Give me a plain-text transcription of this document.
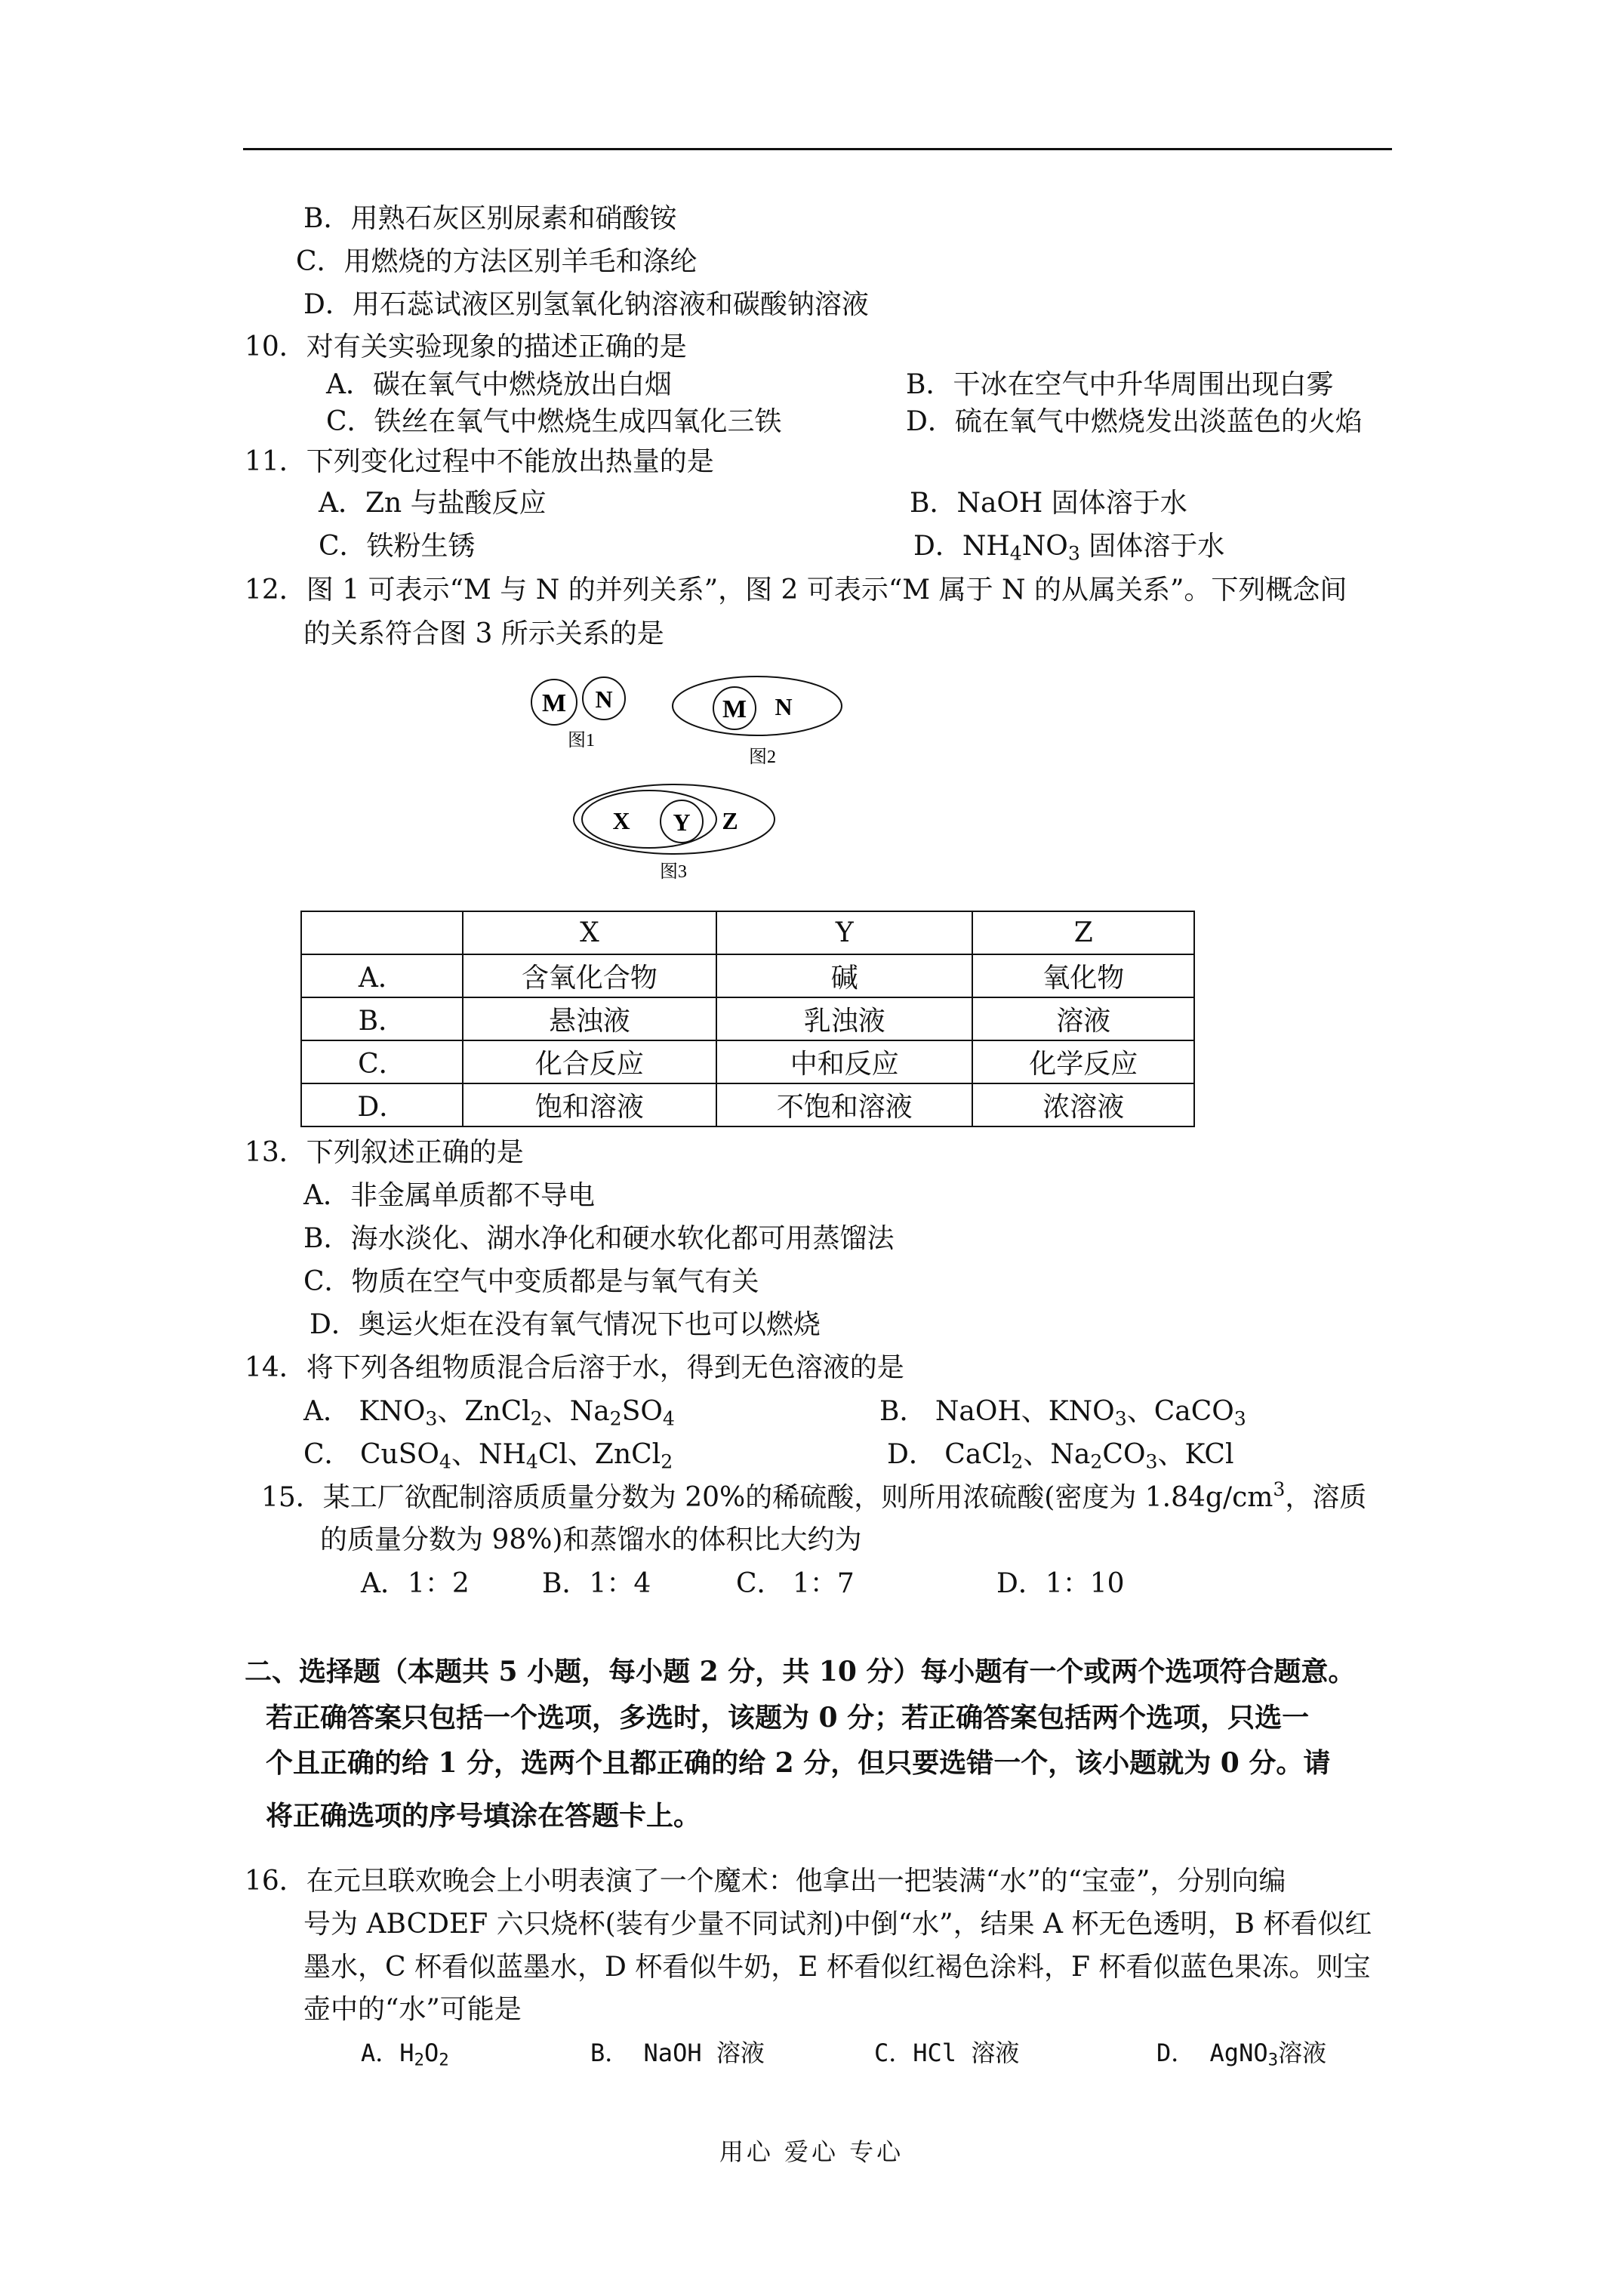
B．用熟石灰区别尿素和硝酸铵
C．用燃烧的方法区别羊毛和涤纶
D．用石蕊试液区别氢氧化钠溶液和碳酸钠溶液
10．对有关实验现象的描述正确的是
A．碳在氧气中燃烧放出白烟	B．干冰在空气中升华周围出现白雾
C．铁丝在氧气中燃烧生成四氧化三铁	D．硫在氧气中燃烧发出淡蓝色的火焰
11．下列变化过程中不能放出热量的是
A．Zn 与盐酸反应	B．NaOH 固体溶于水
C．铁粉生锈	D．$NH_4NO_3$ 固体溶于水
12．图 1 可表示“M 与 N 的并列关系”，图 2 可表示“M 属于 N 的从属关系”。下列概念间
的关系符合图 3 所示关系的是
M N
图1
M N
图2
X Y Z
图3
	X	Y	Z
A．	含氧化合物	碱	氧化物
B．	悬浊液	乳浊液	溶液
C．	化合反应	中和反应	化学反应
D．	饱和溶液	不饱和溶液	浓溶液
13．下列叙述正确的是
A．非金属单质都不导电
B．海水淡化、湖水净化和硬水软化都可用蒸馏法
C．物质在空气中变质都是与氧气有关
D．奥运火炬在没有氧气情况下也可以燃烧
14．将下列各组物质混合后溶于水，得到无色溶液的是
A． $KNO_3$、ZnCl$_2$、$Na_2SO_4$	B． NaOH、$KNO_3$、CaCO$_3$
C． CuSO$_4$、$NH_4Cl$、ZnCl$_2$	D． CaCl$_2$、$Na_2CO_3$、KCl
15．某工厂欲配制溶质质量分数为 20%的稀硫酸，则所用浓硫酸(密度为 $1.84g/cm^3$，溶质
的质量分数为 98%)和蒸馏水的体积比大约为
A．1：2	B．1：4	C． 1：7	D．1：10
二、选择题（本题共 5 小题，每小题 2 分，共 10 分）每小题有一个或两个选项符合题意。
若正确答案只包括一个选项，多选时，该题为 0 分；若正确答案包括两个选项，只选一
个且正确的给 1 分，选两个且都正确的给 2 分，但只要选错一个，该小题就为 0 分。请
将正确选项的序号填涂在答题卡上。
16．在元旦联欢晚会上小明表演了一个魔术：他拿出一把装满“水”的“宝壶”，分别向编
号为 ABCDEF 六只烧杯(装有少量不同试剂)中倒“水”，结果 A 杯无色透明，B 杯看似红
墨水，C 杯看似蓝墨水，D 杯看似牛奶，E 杯看似红褐色涂料，F 杯看似蓝色果冻。则宝
壶中的“水”可能是
A．$H_2O_2$	B． NaOH 溶液	C．HCl 溶液	D． AgNO$_3$溶液
用心 爱心 专心
